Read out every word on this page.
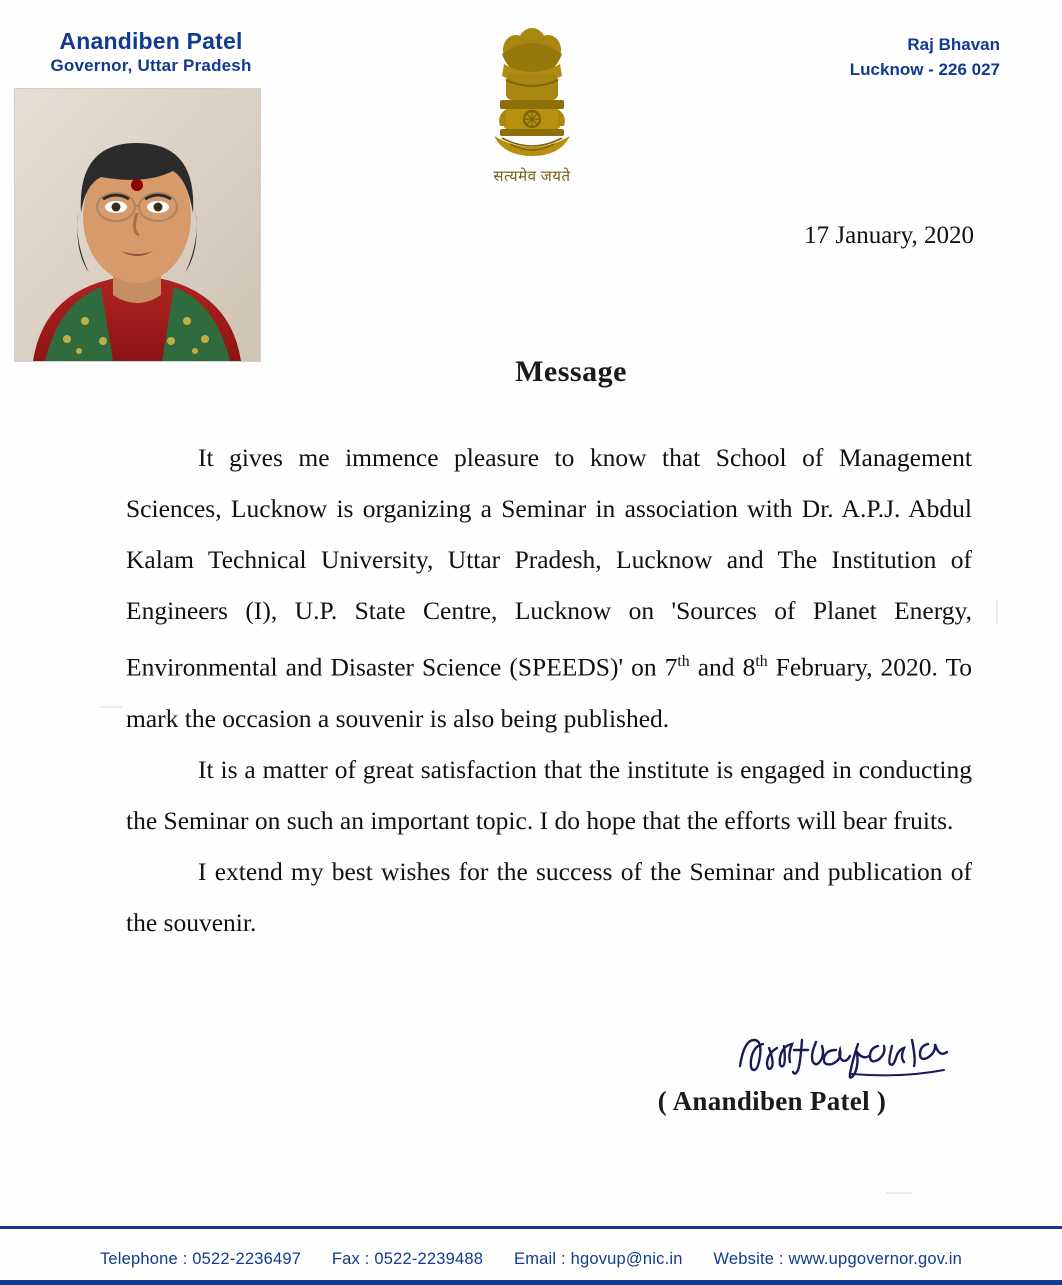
Anandiben Patel
Governor, Uttar Pradesh
Raj Bhavan
Lucknow - 226 027
सत्यमेव जयते
17 January, 2020
Message

It gives me immence pleasure to know that School of Management Sciences, Lucknow is organizing a Seminar in association with Dr. A.P.J. Abdul Kalam Technical University, Uttar Pradesh, Lucknow and The Institution of Engineers (I), U.P. State Centre, Lucknow on 'Sources of Planet Energy, Environmental and Disaster Science (SPEEDS)' on 7th and 8th February, 2020. To mark the occasion a souvenir is also being published.

It is a matter of great satisfaction that the institute is engaged in conducting the Seminar on such an important topic. I do hope that the efforts will bear fruits.

I extend my best wishes for the success of the Seminar and publication of the souvenir.

( Anandiben Patel )
Telephone : 0522-2236497 Fax : 0522-2239488 Email : hgovup@nic.in Website : www.upgovernor.gov.in
